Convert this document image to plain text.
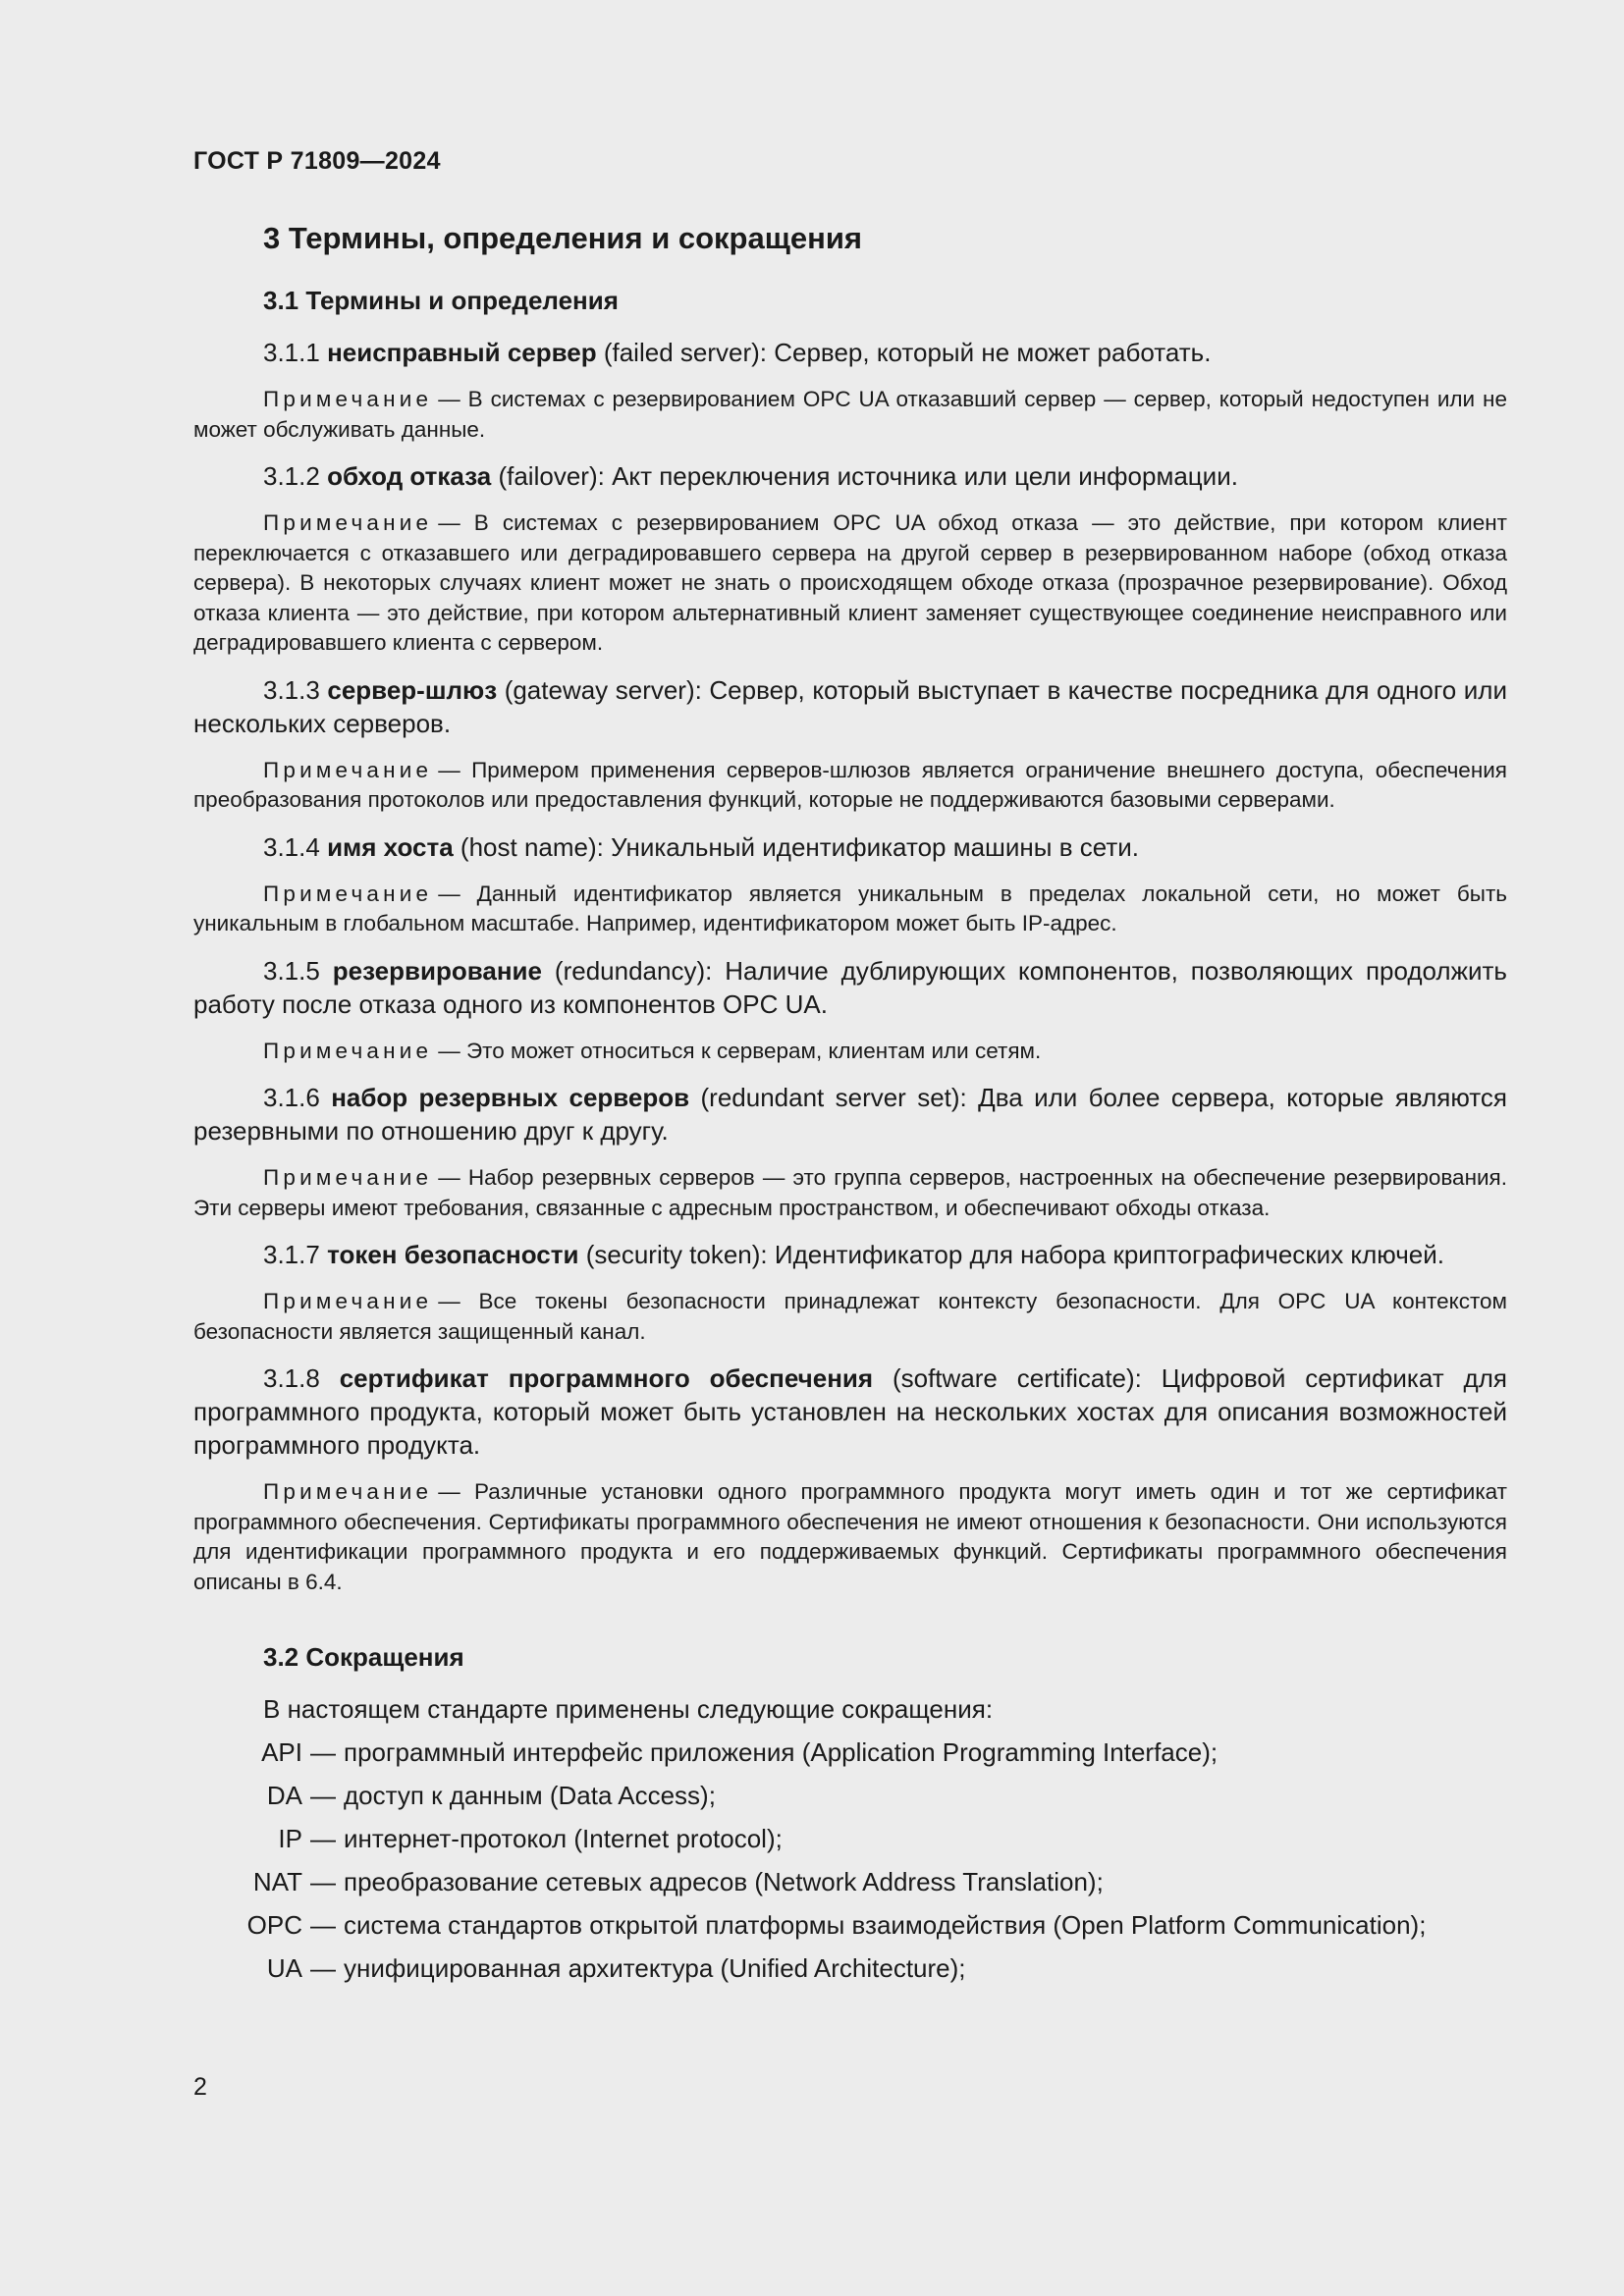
ГОСТ Р 71809—2024
3 Термины, определения и сокращения
3.1 Термины и определения

3.1.1 неисправный сервер (failed server): Сервер, который не может работать.

Примечание — В системах с резервированием OPC UA отказавший сервер — сервер, который недоступен или не может обслуживать данные.

3.1.2 обход отказа (failover): Акт переключения источника или цели информации.

Примечание — В системах с резервированием OPC UA обход отказа — это действие, при котором клиент переключается с отказавшего или деградировавшего сервера на другой сервер в резервированном наборе (обход отказа сервера). В некоторых случаях клиент может не знать о происходящем обходе отказа (прозрачное резервирование). Обход отказа клиента — это действие, при котором альтернативный клиент заменяет существующее соединение неисправного или деградировавшего клиента с сервером.

3.1.3 сервер-шлюз (gateway server): Сервер, который выступает в качестве посредника для одного или нескольких серверов.

Примечание — Примером применения серверов-шлюзов является ограничение внешнего доступа, обеспечения преобразования протоколов или предоставления функций, которые не поддерживаются базовыми серверами.

3.1.4 имя хоста (host name): Уникальный идентификатор машины в сети.

Примечание — Данный идентификатор является уникальным в пределах локальной сети, но может быть уникальным в глобальном масштабе. Например, идентификатором может быть IP-адрес.

3.1.5 резервирование (redundancy): Наличие дублирующих компонентов, позволяющих продолжить работу после отказа одного из компонентов OPC UA.

Примечание — Это может относиться к серверам, клиентам или сетям.

3.1.6 набор резервных серверов (redundant server set): Два или более сервера, которые являются резервными по отношению друг к другу.

Примечание — Набор резервных серверов — это группа серверов, настроенных на обеспечение резервирования. Эти серверы имеют требования, связанные с адресным пространством, и обеспечивают обходы отказа.

3.1.7 токен безопасности (security token): Идентификатор для набора криптографических ключей.

Примечание — Все токены безопасности принадлежат контексту безопасности. Для OPC UA контекстом безопасности является защищенный канал.

3.1.8 сертификат программного обеспечения (software certificate): Цифровой сертификат для программного продукта, который может быть установлен на нескольких хостах для описания возможностей программного продукта.

Примечание — Различные установки одного программного продукта могут иметь один и тот же сертификат программного обеспечения. Сертификаты программного обеспечения не имеют отношения к безопасности. Они используются для идентификации программного продукта и его поддерживаемых функций. Сертификаты программного обеспечения описаны в 6.4.

3.2 Сокращения

В настоящем стандарте применены следующие сокращения:

API — программный интерфейс приложения (Application Programming Interface);
DA — доступ к данным (Data Access);
IP — интернет-протокол (Internet protocol);
NAT — преобразование сетевых адресов (Network Address Translation);
OPC — система стандартов открытой платформы взаимодействия (Open Platform Communication);
UA — унифицированная архитектура (Unified Architecture);
2
